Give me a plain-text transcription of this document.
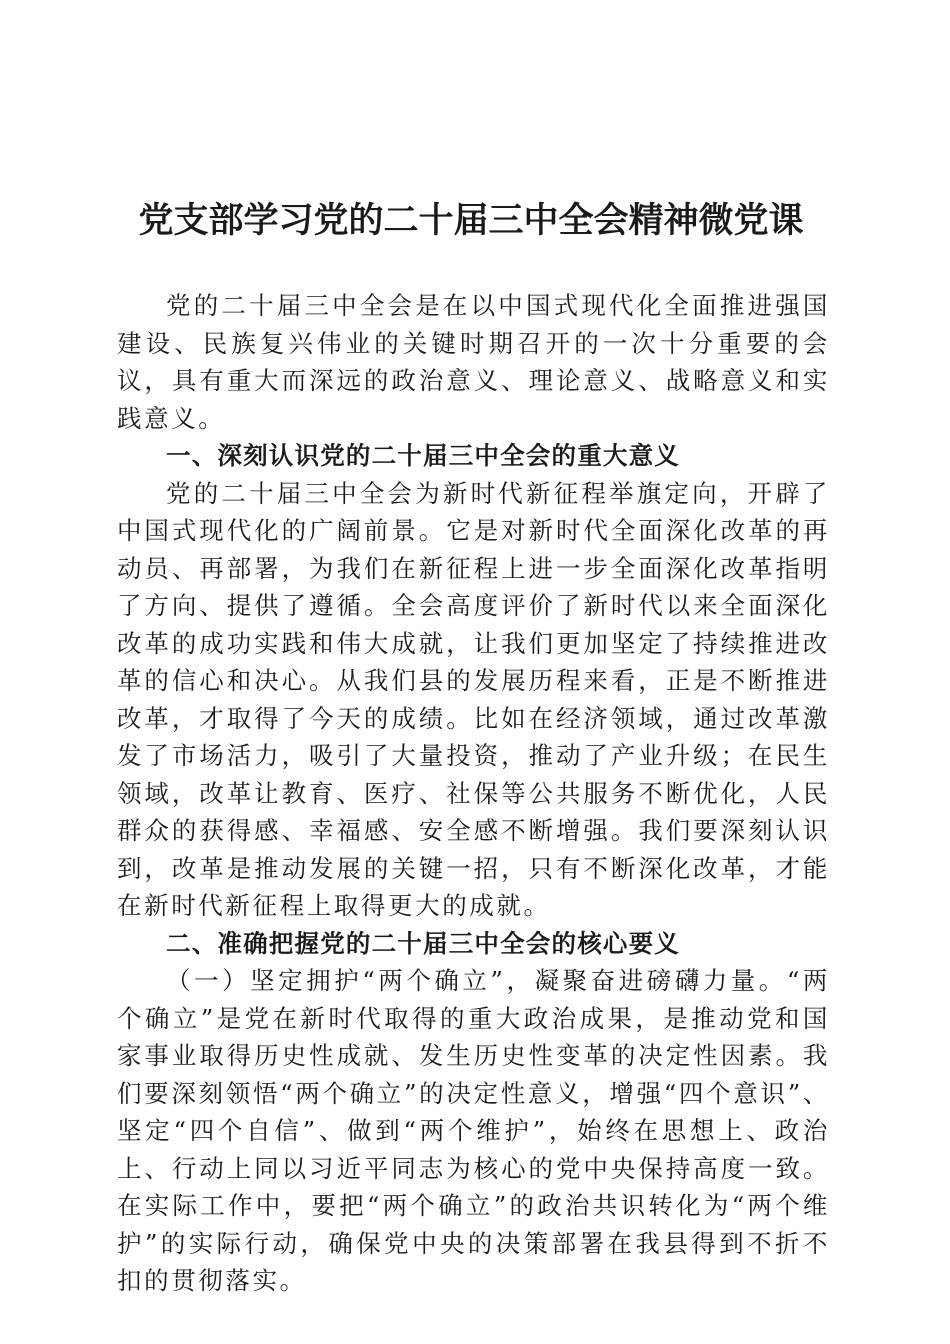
党支部学习党的二十届三中全会精神微党课

党的二十届三中全会是在以中国式现代化全面推进强国建设、民族复兴伟业的关键时期召开的一次十分重要的会议，具有重大而深远的政治意义、理论意义、战略意义和实践意义。

一、深刻认识党的二十届三中全会的重大意义

党的二十届三中全会为新时代新征程举旗定向，开辟了中国式现代化的广阔前景。它是对新时代全面深化改革的再动员、再部署，为我们在新征程上进一步全面深化改革指明了方向、提供了遵循。全会高度评价了新时代以来全面深化改革的成功实践和伟大成就，让我们更加坚定了持续推进改革的信心和决心。从我们县的发展历程来看，正是不断推进改革，才取得了今天的成绩。比如在经济领域，通过改革激发了市场活力，吸引了大量投资，推动了产业升级；在民生领域，改革让教育、医疗、社保等公共服务不断优化，人民群众的获得感、幸福感、安全感不断增强。我们要深刻认识到，改革是推动发展的关键一招，只有不断深化改革，才能在新时代新征程上取得更大的成就。

二、准确把握党的二十届三中全会的核心要义

（一）坚定拥护“两个确立”，凝聚奋进磅礴力量。“两个确立”是党在新时代取得的重大政治成果，是推动党和国家事业取得历史性成就、发生历史性变革的决定性因素。我们要深刻领悟“两个确立”的决定性意义，增强“四个意识”、坚定“四个自信”、做到“两个维护”，始终在思想上、政治上、行动上同以习近平同志为核心的党中央保持高度一致。在实际工作中，要把“两个确立”的政治共识转化为“两个维护”的实际行动，确保党中央的决策部署在我县得到不折不扣的贯彻落实。
